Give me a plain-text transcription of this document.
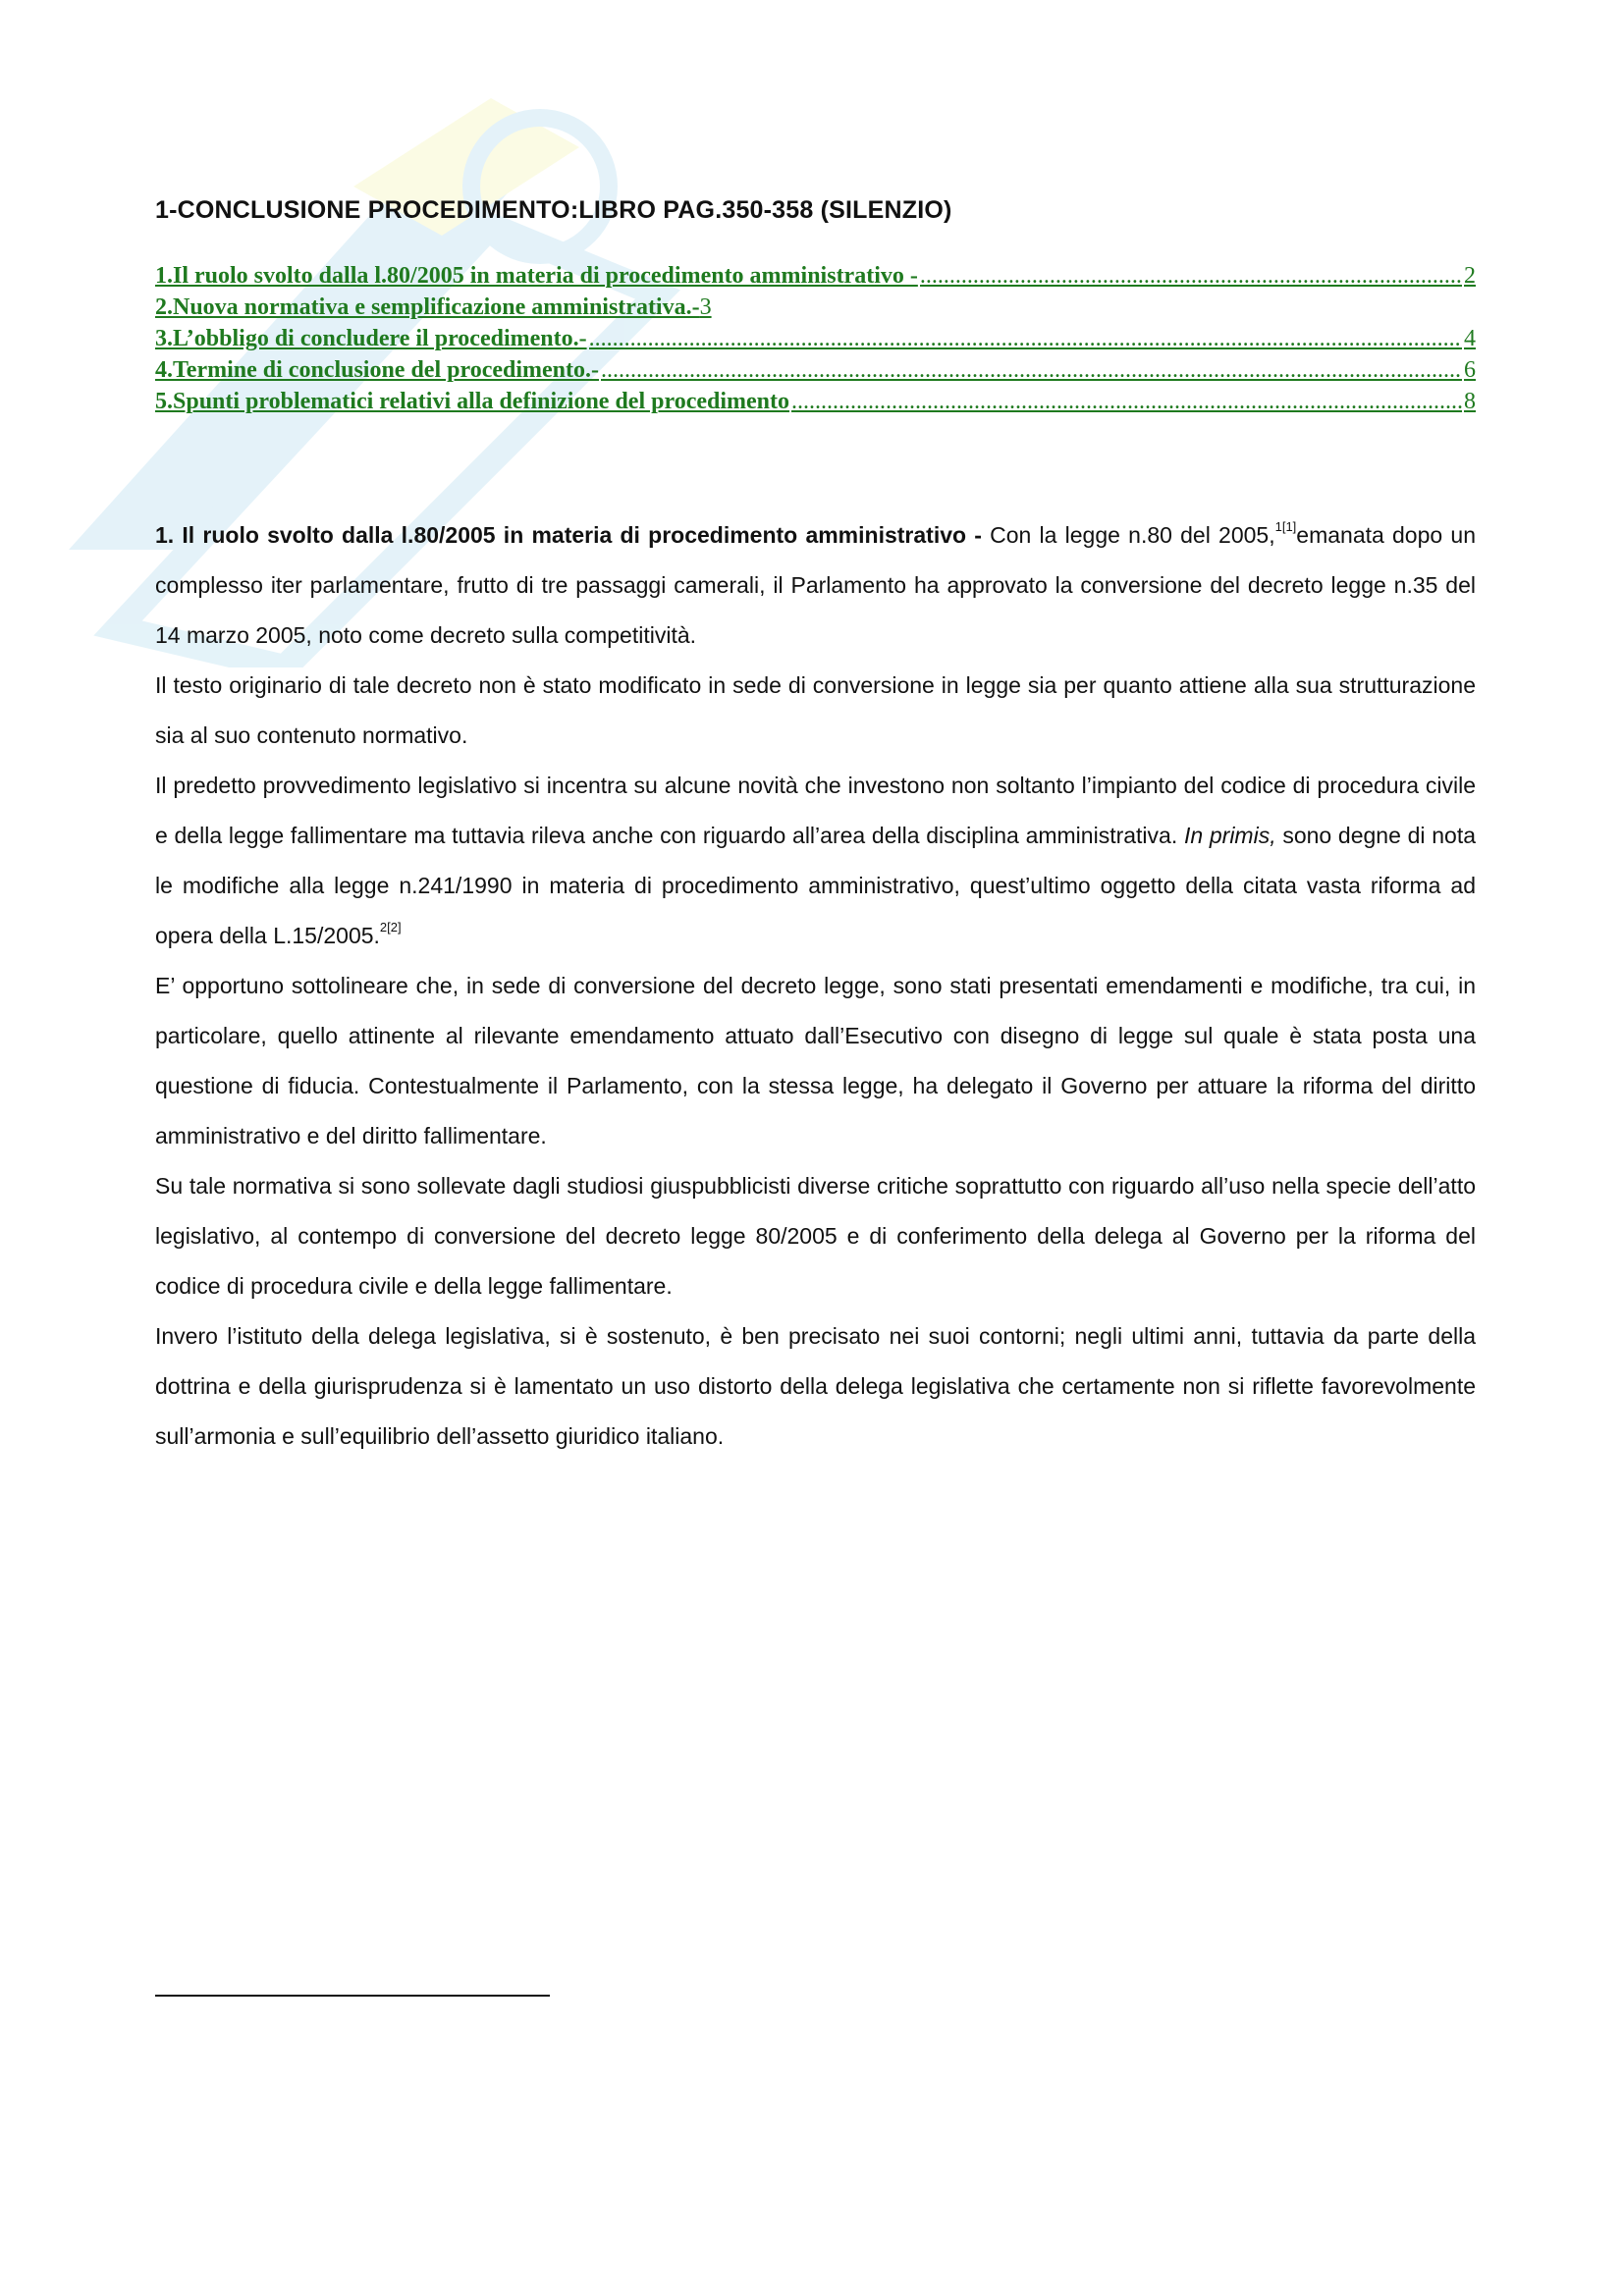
1-CONCLUSIONE PROCEDIMENTO:LIBRO PAG.350-358 (SILENZIO)
1.Il ruolo svolto dalla l.80/2005 in materia di procedimento amministrativo - .....	2
2.Nuova normativa e semplificazione amministrativa.- 3
3.L’obbligo di concludere il procedimento.- .....	4
4.Termine di conclusione del procedimento.- .....	6
5.Spunti problematici relativi alla definizione del procedimento .....	8

1. Il ruolo svolto dalla l.80/2005 in materia di procedimento amministrativo - Con la legge n.80 del 2005,$^{1[1]}$emanata dopo un complesso iter parlamentare, frutto di tre passaggi camerali, il Parlamento ha approvato la conversione del decreto legge n.35 del 14 marzo 2005, noto come decreto sulla competitività.

Il testo originario di tale decreto non è stato modificato in sede di conversione in legge sia per quanto attiene alla sua strutturazione sia al suo contenuto normativo.

Il predetto provvedimento legislativo si incentra su alcune novità che investono non soltanto l’impianto del codice di procedura civile e della legge fallimentare ma tuttavia rileva anche con riguardo all’area della disciplina amministrativa. In primis, sono degne di nota le modifiche alla legge n.241/1990 in materia di procedimento amministrativo, quest’ultimo oggetto della citata vasta riforma ad opera della L.15/2005.$^{2[2]}$

E’ opportuno sottolineare che, in sede di conversione del decreto legge, sono stati presentati emendamenti e modifiche, tra cui, in particolare, quello attinente al rilevante emendamento attuato dall’Esecutivo con disegno di legge sul quale è stata posta una questione di fiducia. Contestualmente il Parlamento, con la stessa legge, ha delegato il Governo per attuare la riforma del diritto amministrativo e del diritto fallimentare.

Su tale normativa si sono sollevate dagli studiosi giuspubblicisti diverse critiche soprattutto con riguardo all’uso nella specie dell’atto legislativo, al contempo di conversione del decreto legge 80/2005 e di conferimento della delega al Governo per la riforma del codice di procedura civile e della legge fallimentare.

Invero l’istituto della delega legislativa, si è sostenuto, è ben precisato nei suoi contorni; negli ultimi anni, tuttavia da parte della dottrina e della giurisprudenza si è lamentato un uso distorto della delega legislativa che certamente non si riflette favorevolmente sull’armonia e sull’equilibrio dell’assetto giuridico italiano.
